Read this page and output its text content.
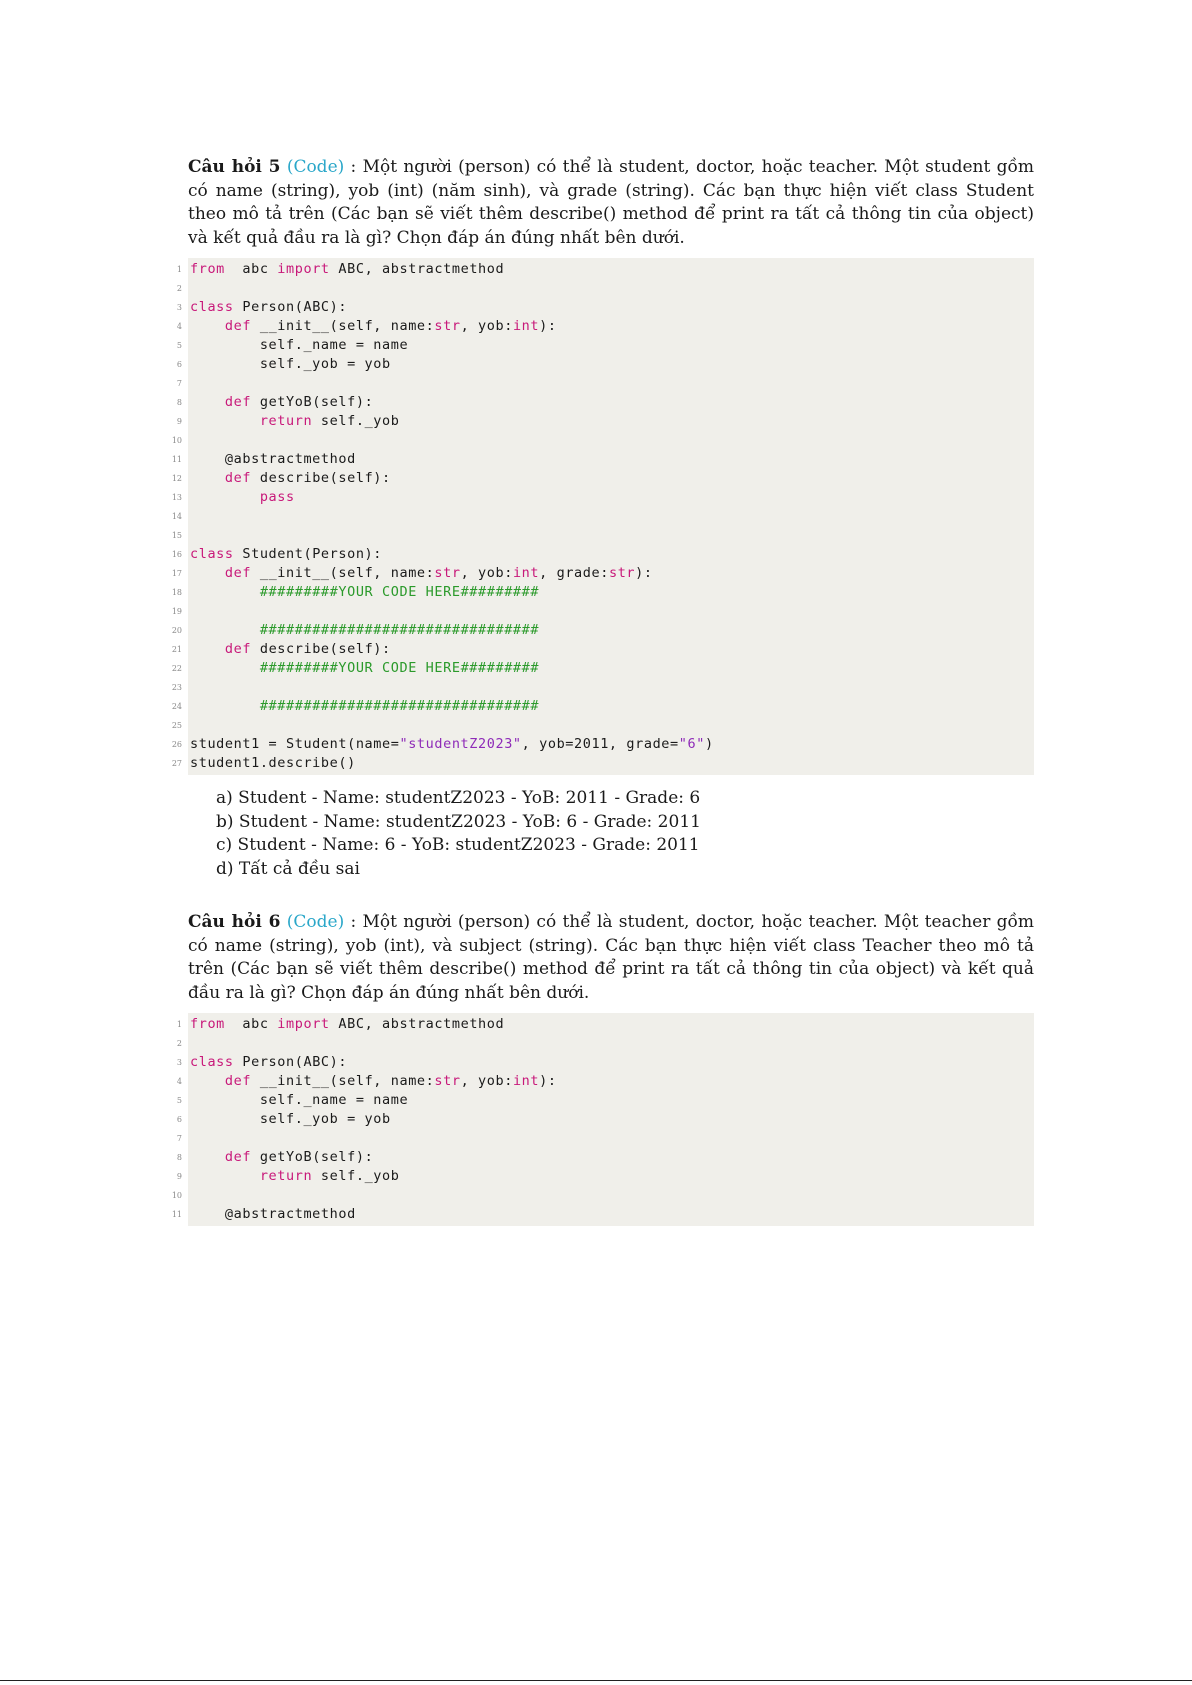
Câu hỏi 5 (Code) : Một người (person) có thể là student, doctor, hoặc teacher. Một student gồm có name (string), yob (int) (năm sinh), và grade (string). Các bạn thực hiện viết class Student theo mô tả trên (Các bạn sẽ viết thêm describe() method để print ra tất cả thông tin của object) và kết quả đầu ra là gì? Chọn đáp án đúng nhất bên dưới.

1 from  abc import ABC, abstractmethod
2
3 class Person(ABC):
4	def __init__(self, name:str, yob:int):
5 self._name = name
6 self._yob = yob
7
8	def getYoB(self):
9	return self._yob
10
11 @abstractmethod
12	def describe(self):
13	pass
14
15
16 class Student(Person):
17	def __init__(self, name:str, yob:int, grade:str):
18	#########YOUR CODE HERE#########
19
20	################################
21	def describe(self):
22	#########YOUR CODE HERE#########
23
24	################################
25
26 student1 = Student(name="studentZ2023", yob=2011, grade="6")
27 student1.describe()
a) Student - Name: studentZ2023 - YoB: 2011 - Grade: 6
b) Student - Name: studentZ2023 - YoB: 6 - Grade: 2011
c) Student - Name: 6 - YoB: studentZ2023 - Grade: 2011
d) Tất cả đều sai

Câu hỏi 6 (Code) : Một người (person) có thể là student, doctor, hoặc teacher. Một teacher gồm có name (string), yob (int), và subject (string). Các bạn thực hiện viết class Teacher theo mô tả trên (Các bạn sẽ viết thêm describe() method để print ra tất cả thông tin của object) và kết quả đầu ra là gì? Chọn đáp án đúng nhất bên dưới.

1 from  abc import ABC, abstractmethod
2
3 class Person(ABC):
4	def __init__(self, name:str, yob:int):
5 self._name = name
6 self._yob = yob
7
8	def getYoB(self):
9	return self._yob
10
11 @abstractmethod
